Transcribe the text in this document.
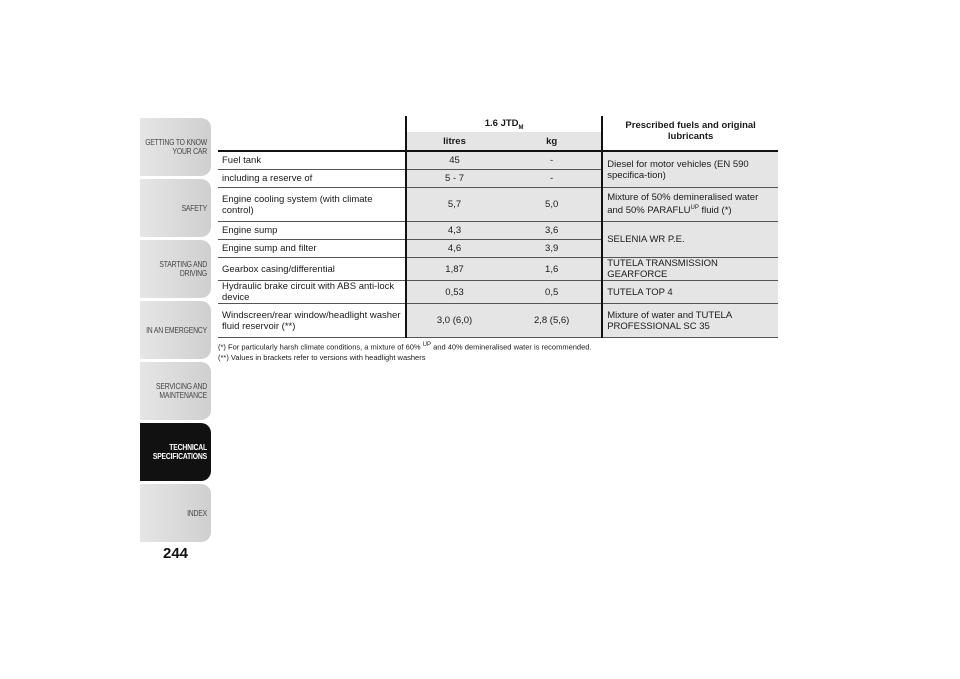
GETTING TO KNOW YOUR CAR
SAFETY
STARTING AND DRIVING
IN AN EMERGENCY
SERVICING AND MAINTENANCE
TECHNICAL SPECIFICATIONS
INDEX
244
	1.6 $JTD_M$		Prescribed fuels and original lubricants
	litres	kg	
Fuel tank	45	-	Diesel for motor vehicles (EN 590 specifica-tion)
including a reserve of	5 - 7	-	
Engine cooling system (with climate control)	5,7	5,0	Mixture of 50% demineralised water and 50% $PARAFLU^{UP}$ fluid (*)
Engine sump	4,3	3,6	SELENIA WR P.E.
Engine sump and filter	4,6	3,9	
Gearbox casing/differential	1,87	1,6	TUTELA TRANSMISSION GEARFORCE
Hydraulic brake circuit with ABS anti-lock device	0,53	0,5	TUTELA TOP 4
Windscreen/rear window/headlight washer fluid reservoir (**)	3,0 (6,0)	2,8 (5,6)	Mixture of water and TUTELA PROFESSIONAL SC 35
(*) For particularly harsh climate conditions, a mixture of 60% $^{UP}$ and 40% demineralised water is recommended.
(**) Values in brackets refer to versions with headlight washers
